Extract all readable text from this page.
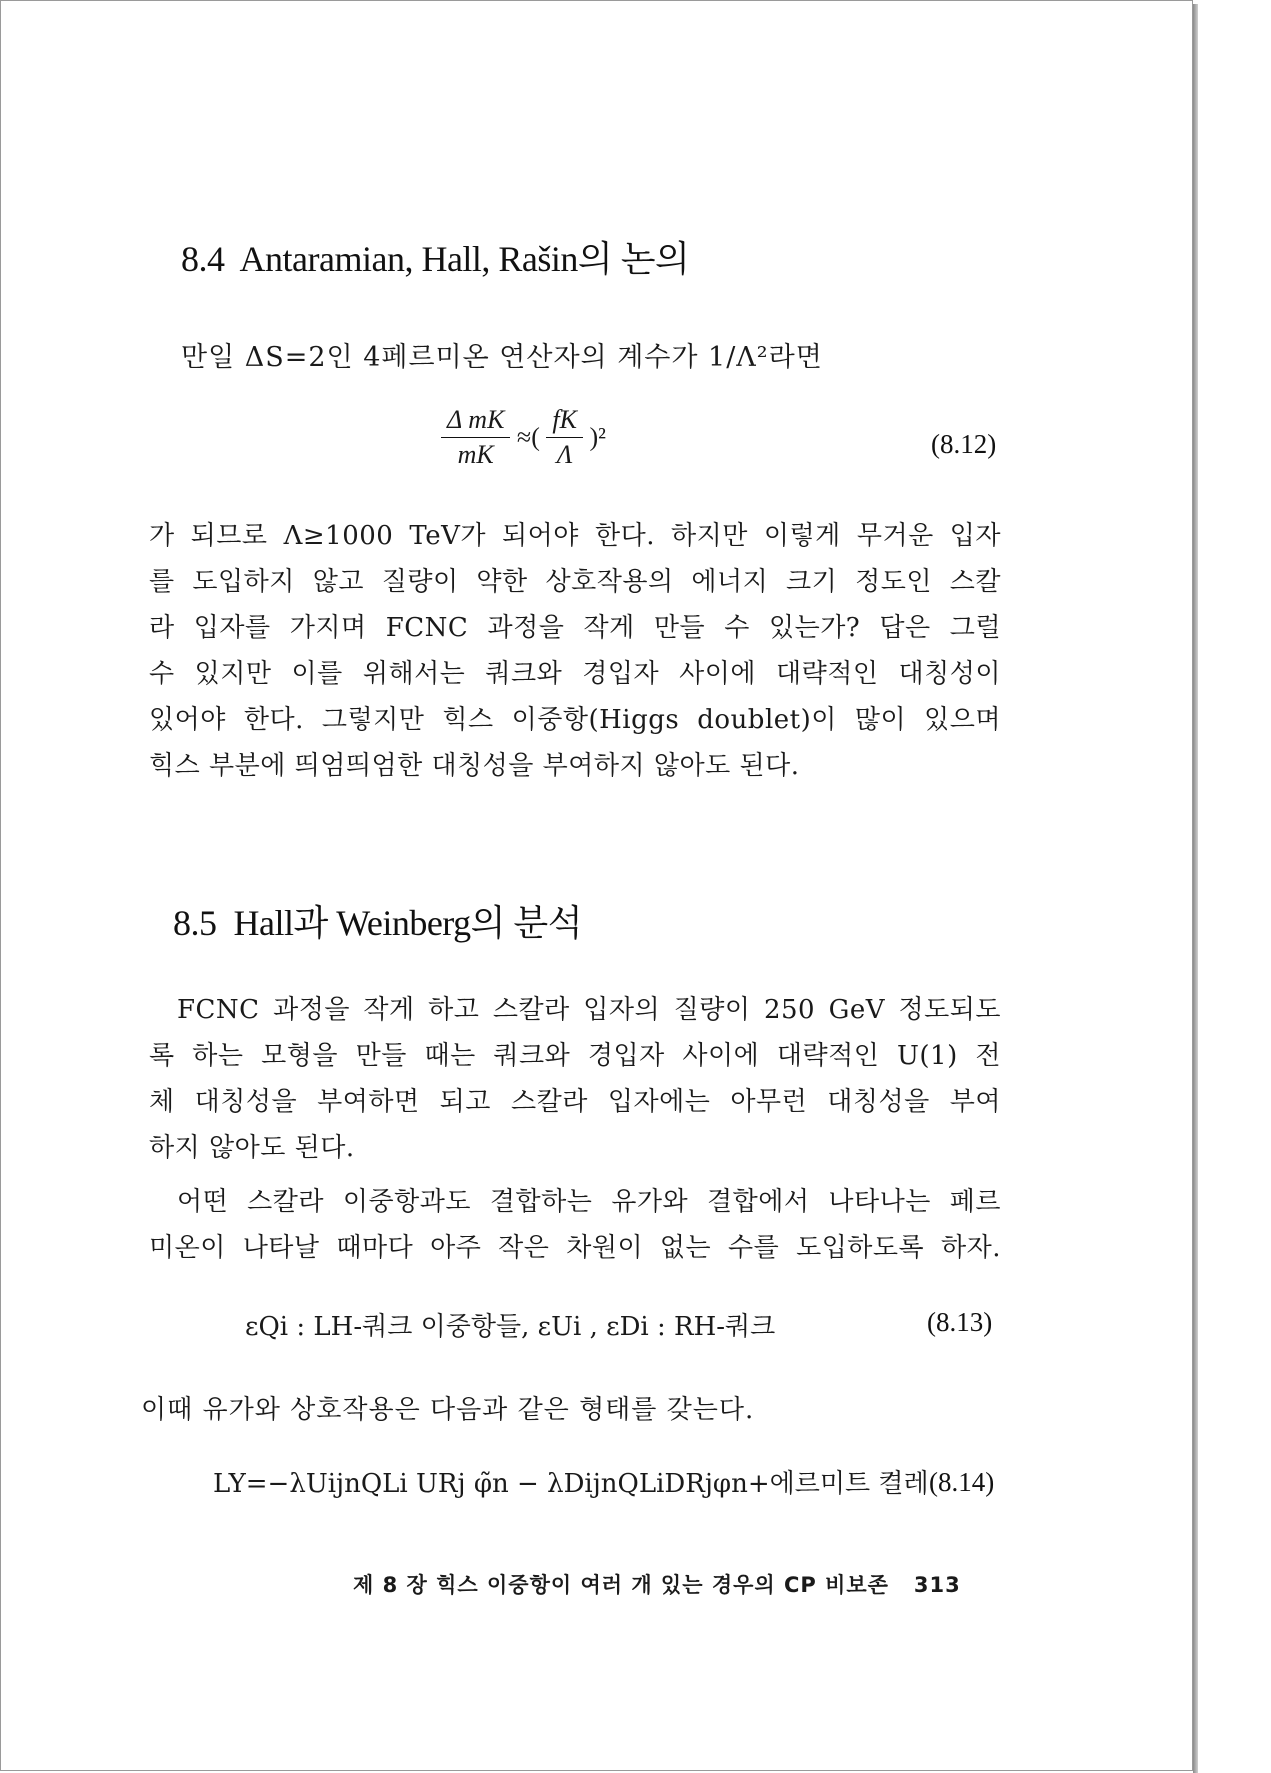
8.4 Antaramian, Hall, Rašin의 논의
만일 ΔS=2인 4페르미온 연산자의 계수가 1/Λ²라면
$\frac{\text{Δ mK}}{mK}$ ≈( $\frac{fK}{\Lambda} )^2$	(8.12)
가 되므로 Λ≥1000 TeV가 되어야 한다. 하지만 이렇게 무거운 입자
를 도입하지 않고 질량이 약한 상호작용의 에너지 크기 정도인 스칼
라 입자를 가지며 FCNC 과정을 작게 만들 수 있는가? 답은 그럴
수 있지만 이를 위해서는 쿼크와 경입자 사이에 대략적인 대칭성이
있어야 한다. 그렇지만 힉스 이중항(Higgs doublet)이 많이 있으며
힉스 부분에 띄엄띄엄한 대칭성을 부여하지 않아도 된다.
8.5 Hall과 Weinberg의 분석
FCNC 과정을 작게 하고 스칼라 입자의 질량이 250 GeV 정도되도
록 하는 모형을 만들 때는 쿼크와 경입자 사이에 대략적인 U(1) 전
체 대칭성을 부여하면 되고 스칼라 입자에는 아무런 대칭성을 부여
하지 않아도 된다.
어떤 스칼라 이중항과도 결합하는 유가와 결합에서 나타나는 페르
미온이 나타날 때마다 아주 작은 차원이 없는 수를 도입하도록 하자.
εQi : LH-쿼크 이중항들, εUi , εDi : RH-쿼크	(8.13)
이때 유가와 상호작용은 다음과 같은 형태를 갖는다.
LY=−λUijnQLi URj φ̃n − λDijnQLiDRjφn+에르미트 켤레 (8.14)
제 8 장 힉스 이중항이 여러 개 있는 경우의 CP 비보존 313
